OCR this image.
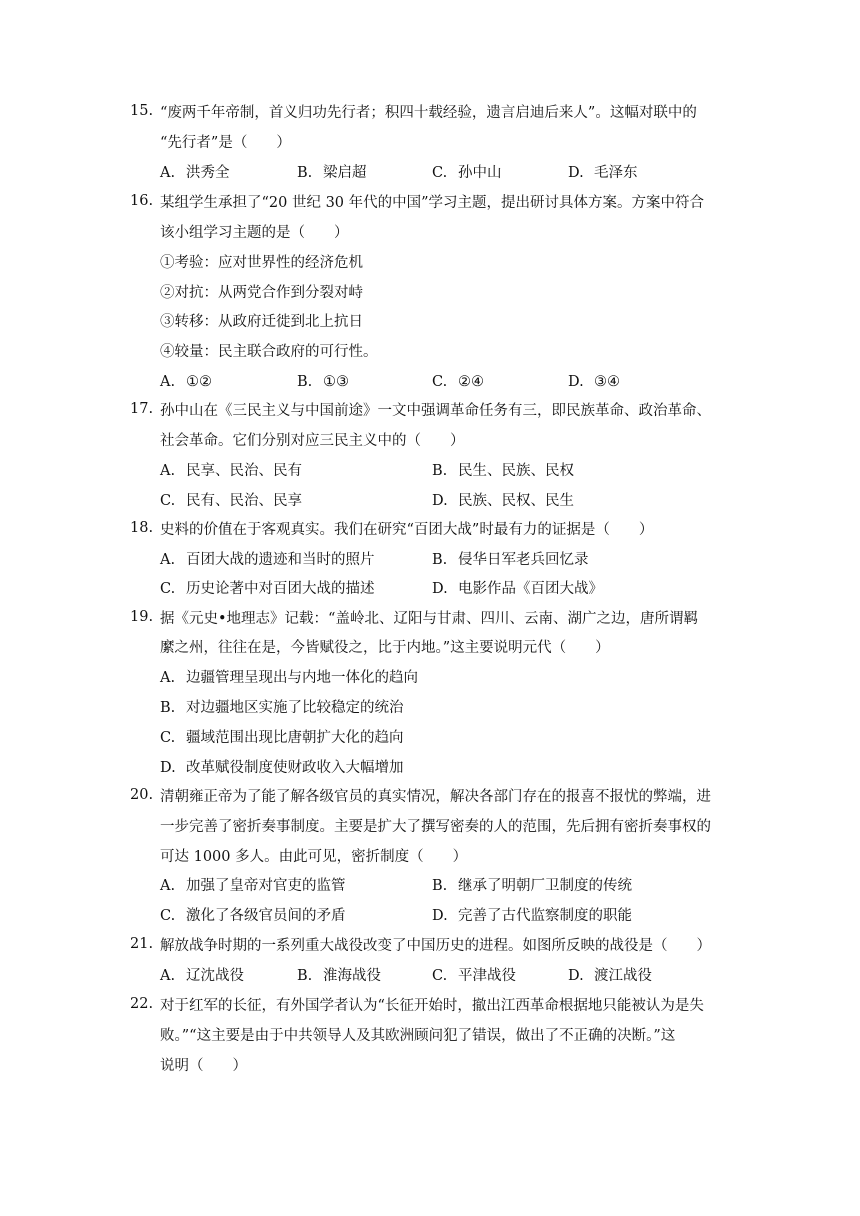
15. “废两千年帝制，首义归功先行者；积四十载经验，遗言启迪后来人”。这幅对联中的
“先行者”是（　　）
A. 洪秀全	B. 梁启超	C. 孙中山	D. 毛泽东
16. 某组学生承担了“20 世纪 30 年代的中国”学习主题，提出研讨具体方案。方案中符合
该小组学习主题的是（　　）
①考验：应对世界性的经济危机
②对抗：从两党合作到分裂对峙
③转移：从政府迁徙到北上抗日
④较量：民主联合政府的可行性。
A. ①②	B. ①③	C. ②④	D. ③④
17. 孙中山在《三民主义与中国前途》一文中强调革命任务有三，即民族革命、政治革命、
社会革命。它们分别对应三民主义中的（　　）
A. 民享、民治、民有	B. 民生、民族、民权
C. 民有、民治、民享	D. 民族、民权、民生
18. 史料的价值在于客观真实。我们在研究“百团大战”时最有力的证据是（　　）
A. 百团大战的遗迹和当时的照片	B. 侵华日军老兵回忆录
C. 历史论著中对百团大战的描述	D. 电影作品《百团大战》
19. 据《元史•地理志》记载：“盖岭北、辽阳与甘肃、四川、云南、湖广之边，唐所谓羁
縻之州，往往在是，今皆赋役之，比于内地。”这主要说明元代（　　）
A. 边疆管理呈现出与内地一体化的趋向
B. 对边疆地区实施了比较稳定的统治
C. 疆域范围出现比唐朝扩大化的趋向
D. 改革赋役制度使财政收入大幅增加
20. 清朝雍正帝为了能了解各级官员的真实情况，解决各部门存在的报喜不报忧的弊端，进
一步完善了密折奏事制度。主要是扩大了撰写密奏的人的范围，先后拥有密折奏事权的
可达 1000 多人。由此可见，密折制度（　　）
A. 加强了皇帝对官吏的监管	B. 继承了明朝厂卫制度的传统
C. 激化了各级官员间的矛盾	D. 完善了古代监察制度的职能
21. 解放战争时期的一系列重大战役改变了中国历史的进程。如图所反映的战役是（　　）
A. 辽沈战役	B. 淮海战役	C. 平津战役	D. 渡江战役
22. 对于红军的长征，有外国学者认为“长征开始时，撤出江西革命根据地只能被认为是失
败。”“这主要是由于中共领导人及其欧洲顾问犯了错误，做出了不正确的决断。”这
说明（　　）
